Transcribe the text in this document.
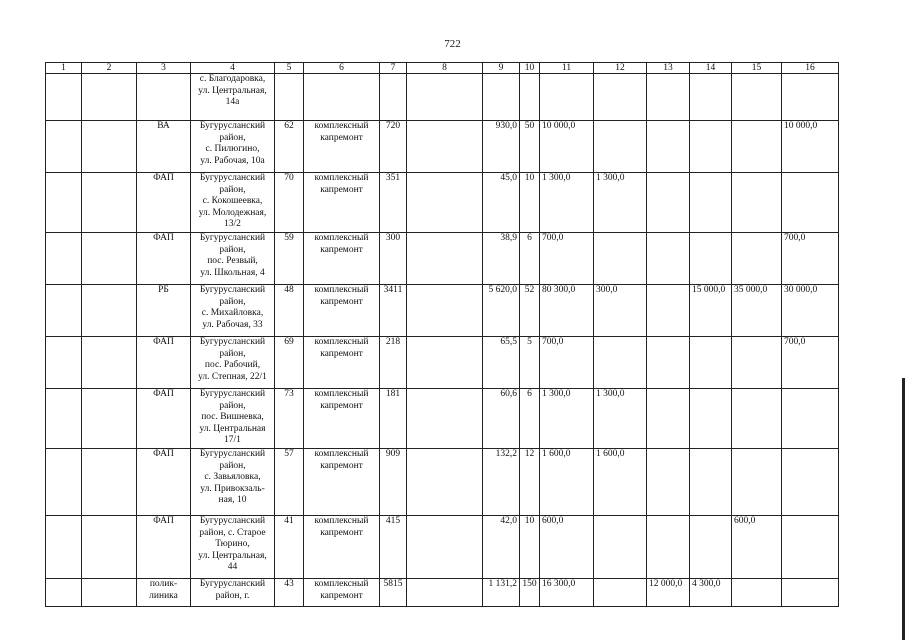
722
1	2	3	4	5	6	7	8	9	10	11	12	13	14	15	16
			с. Благодаровка,
ул. Центральная,
14а												
		ВА	Бугурусланский
район,
с. Пилюгино,
ул. Рабочая, 10а	62	комплексный
капремонт	720		930,0	50	10 000,0					10 000,0
		ФАП	Бугурусланский
район,
с. Кокошеевка,
ул. Молодежная,
13/2	70	комплексный
капремонт	351		45,0	10	1 300,0	1 300,0				
		ФАП	Бугурусланский
район,
пос. Резвый,
ул. Школьная, 4	59	комплексный
капремонт	300		38,9	6	700,0					700,0
		РБ	Бугурусланский
район,
с. Михайловка,
ул. Рабочая, 33	48	комплексный
капремонт	3411		5 620,0	52	80 300,0	300,0		15 000,0	35 000,0	30 000,0
		ФАП	Бугурусланский
район,
пос. Рабочий,
ул. Степная, 22/1	69	комплексный
капремонт	218		65,5	5	700,0					700,0
		ФАП	Бугурусланский
район,
пос. Вишневка,
ул. Центральная
17/1	73	комплексный
капремонт	181		60,6	6	1 300,0	1 300,0				
		ФАП	Бугурусланский
район,
с. Завьяловка,
ул. Привокзаль-
ная, 10	57	комплексный
капремонт	909		132,2	12	1 600,0	1 600,0				
		ФАП	Бугурусланский
район, с. Старое
Тюрино,
ул. Центральная,
44	41	комплексный
капремонт	415		42,0	10	600,0				600,0	
		полик- линика	Бугурусланский
район, г.	43	комплексный
капремонт	5815		1 131,2	150	16 300,0		12 000,0	4 300,0		
